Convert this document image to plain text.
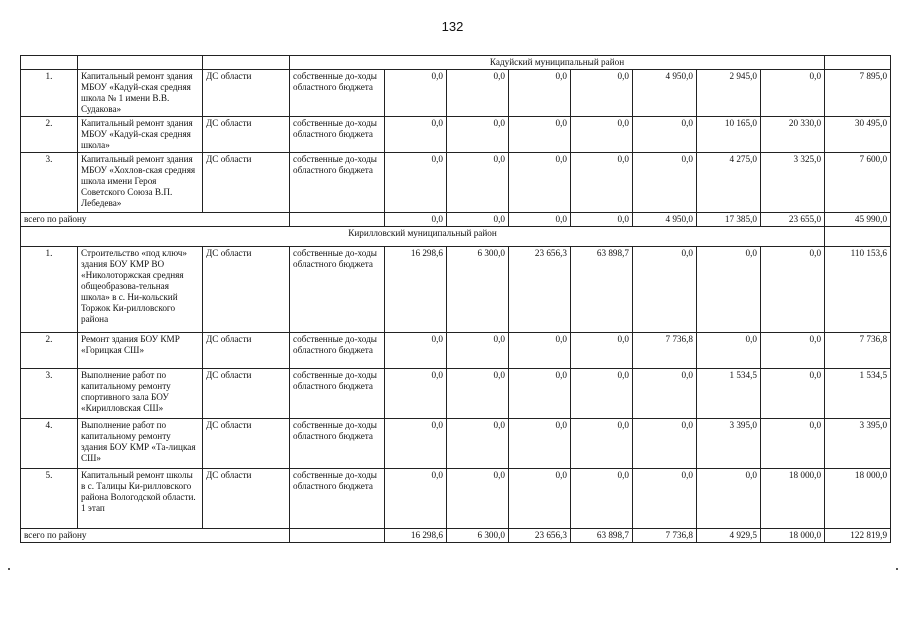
132
			Кадуйский муниципальный район								
1.	Капитальный ремонт здания МБОУ «Кадуй-ская средняя школа № 1 имени В.В. Судакова»	ДС области	собственные до-ходы областного бюджета	0,0	0,0	0,0	0,0	4 950,0	2 945,0	0,0	7 895,0
2.	Капитальный ремонт здания МБОУ «Кадуй-ская средняя школа»	ДС области	собственные до-ходы областного бюджета	0,0	0,0	0,0	0,0	0,0	10 165,0	20 330,0	30 495,0
3.	Капитальный ремонт здания МБОУ «Хохлов-ская средняя школа имени Героя Советского Союза В.П. Лебедева»	ДС области	собственные до-ходы областного бюджета	0,0	0,0	0,0	0,0	0,0	4 275,0	3 325,0	7 600,0
всего по району				0,0	0,0	0,0	0,0	4 950,0	17 385,0	23 655,0	45 990,0
Кирилловский муниципальный район											
1.	Строительство «под ключ» здания БОУ КМР ВО «Николоторжская средняя общеобразова-тельная школа» в с. Ни-кольский Торжок Ки-рилловского района	ДС области	собственные до-ходы областного бюджета	16 298,6	6 300,0	23 656,3	63 898,7	0,0	0,0	0,0	110 153,6
2.	Ремонт здания БОУ КМР «Горицкая СШ»	ДС области	собственные до-ходы областного бюджета	0,0	0,0	0,0	0,0	7 736,8	0,0	0,0	7 736,8
3.	Выполнение работ по капитальному ремонту спортивного зала БОУ «Кирилловская СШ»	ДС области	собственные до-ходы областного бюджета	0,0	0,0	0,0	0,0	0,0	1 534,5	0,0	1 534,5
4.	Выполнение работ по капитальному ремонту здания БОУ КМР «Та-лицкая СШ»	ДС области	собственные до-ходы областного бюджета	0,0	0,0	0,0	0,0	0,0	3 395,0	0,0	3 395,0
5.	Капитальный ремонт школы в с. Талицы Ки-рилловского района Вологодской области. 1 этап	ДС области	собственные до-ходы областного бюджета	0,0	0,0	0,0	0,0	0,0	0,0	18 000,0	18 000,0
всего по району				16 298,6	6 300,0	23 656,3	63 898,7	7 736,8	4 929,5	18 000,0	122 819,9
